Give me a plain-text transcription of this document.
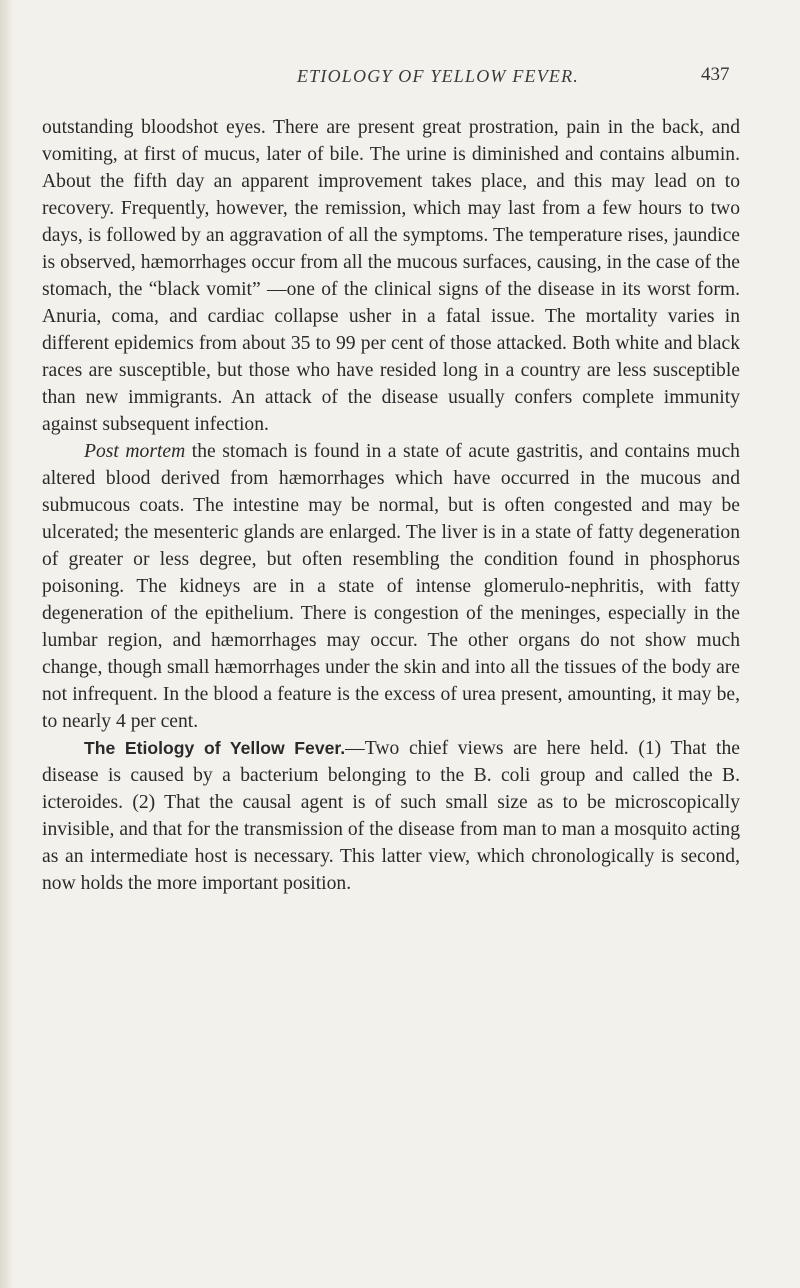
ETIOLOGY OF YELLOW FEVER.	437

outstanding bloodshot eyes. There are present great prostration, pain in the back, and vomiting, at first of mucus, later of bile. The urine is diminished and contains albumin. About the fifth day an apparent improvement takes place, and this may lead on to recovery. Frequently, however, the remission, which may last from a few hours to two days, is followed by an aggravation of all the symptoms. The temperature rises, jaundice is observed, hæmorrhages occur from all the mucous surfaces, causing, in the case of the stomach, the “black vomit” —one of the clinical signs of the disease in its worst form. Anuria, coma, and cardiac collapse usher in a fatal issue. The mortality varies in different epidemics from about 35 to 99 per cent of those attacked. Both white and black races are susceptible, but those who have resided long in a country are less susceptible than new immigrants. An attack of the disease usually confers complete immunity against subsequent infection.

Post mortem the stomach is found in a state of acute gastritis, and contains much altered blood derived from hæmorrhages which have occurred in the mucous and submucous coats. The intestine may be normal, but is often congested and may be ulcerated; the mesenteric glands are enlarged. The liver is in a state of fatty degeneration of greater or less degree, but often resembling the condition found in phosphorus poisoning. The kidneys are in a state of intense glomerulo-nephritis, with fatty degeneration of the epithelium. There is congestion of the meninges, especially in the lumbar region, and hæmorrhages may occur. The other organs do not show much change, though small hæmorrhages under the skin and into all the tissues of the body are not infrequent. In the blood a feature is the excess of urea present, amounting, it may be, to nearly 4 per cent.

The Etiology of Yellow Fever.—Two chief views are here held. (1) That the disease is caused by a bacterium belonging to the B. coli group and called the B. icteroides. (2) That the causal agent is of such small size as to be microscopically invisible, and that for the transmission of the disease from man to man a mosquito acting as an intermediate host is necessary. This latter view, which chronologically is second, now holds the more important position.
